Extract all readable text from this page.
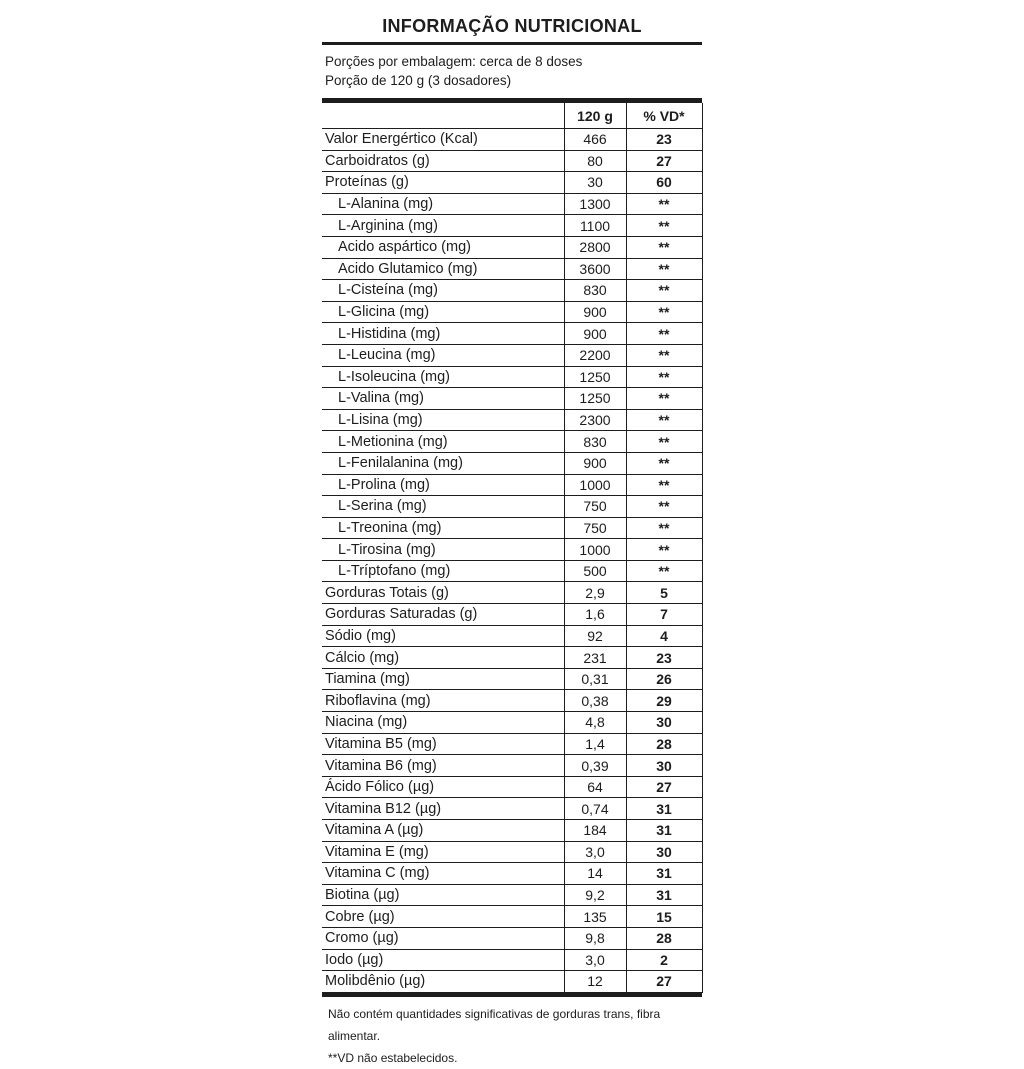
INFORMAÇÃO NUTRICIONAL
Porções por embalagem: cerca de 8 doses
Porção de 120 g (3 dosadores)
	120 g	% VD*
Valor Energértico (Kcal)	466	23
Carboidratos (g)	80	27
Proteínas (g)	30	60
L-Alanina (mg)	1300	**
L-Arginina (mg)	1100	**
Acido aspártico (mg)	2800	**
Acido Glutamico (mg)	3600	**
L-Cisteína (mg)	830	**
L-Glicina (mg)	900	**
L-Histidina (mg)	900	**
L-Leucina (mg)	2200	**
L-Isoleucina (mg)	1250	**
L-Valina (mg)	1250	**
L-Lisina (mg)	2300	**
L-Metionina (mg)	830	**
L-Fenilalanina (mg)	900	**
L-Prolina (mg)	1000	**
L-Serina (mg)	750	**
L-Treonina (mg)	750	**
L-Tirosina (mg)	1000	**
L-Tríptofano (mg)	500	**
Gorduras Totais (g)	2,9	5
Gorduras Saturadas (g)	1,6	7
Sódio (mg)	92	4
Cálcio (mg)	231	23
Tiamina (mg)	0,31	26
Riboflavina (mg)	0,38	29
Niacina (mg)	4,8	30
Vitamina B5 (mg)	1,4	28
Vitamina B6 (mg)	0,39	30
Ácido Fólico (µg)	64	27
Vitamina B12 (µg)	0,74	31
Vitamina A (µg)	184	31
Vitamina E (mg)	3,0	30
Vitamina C (mg)	14	31
Biotina (µg)	9,2	31
Cobre (µg)	135	15
Cromo (µg)	9,8	28
Iodo (µg)	3,0	2
Molibdênio (µg)	12	27
Não contém quantidades significativas de gorduras trans, fibra alimentar.
**VD não estabelecidos.
